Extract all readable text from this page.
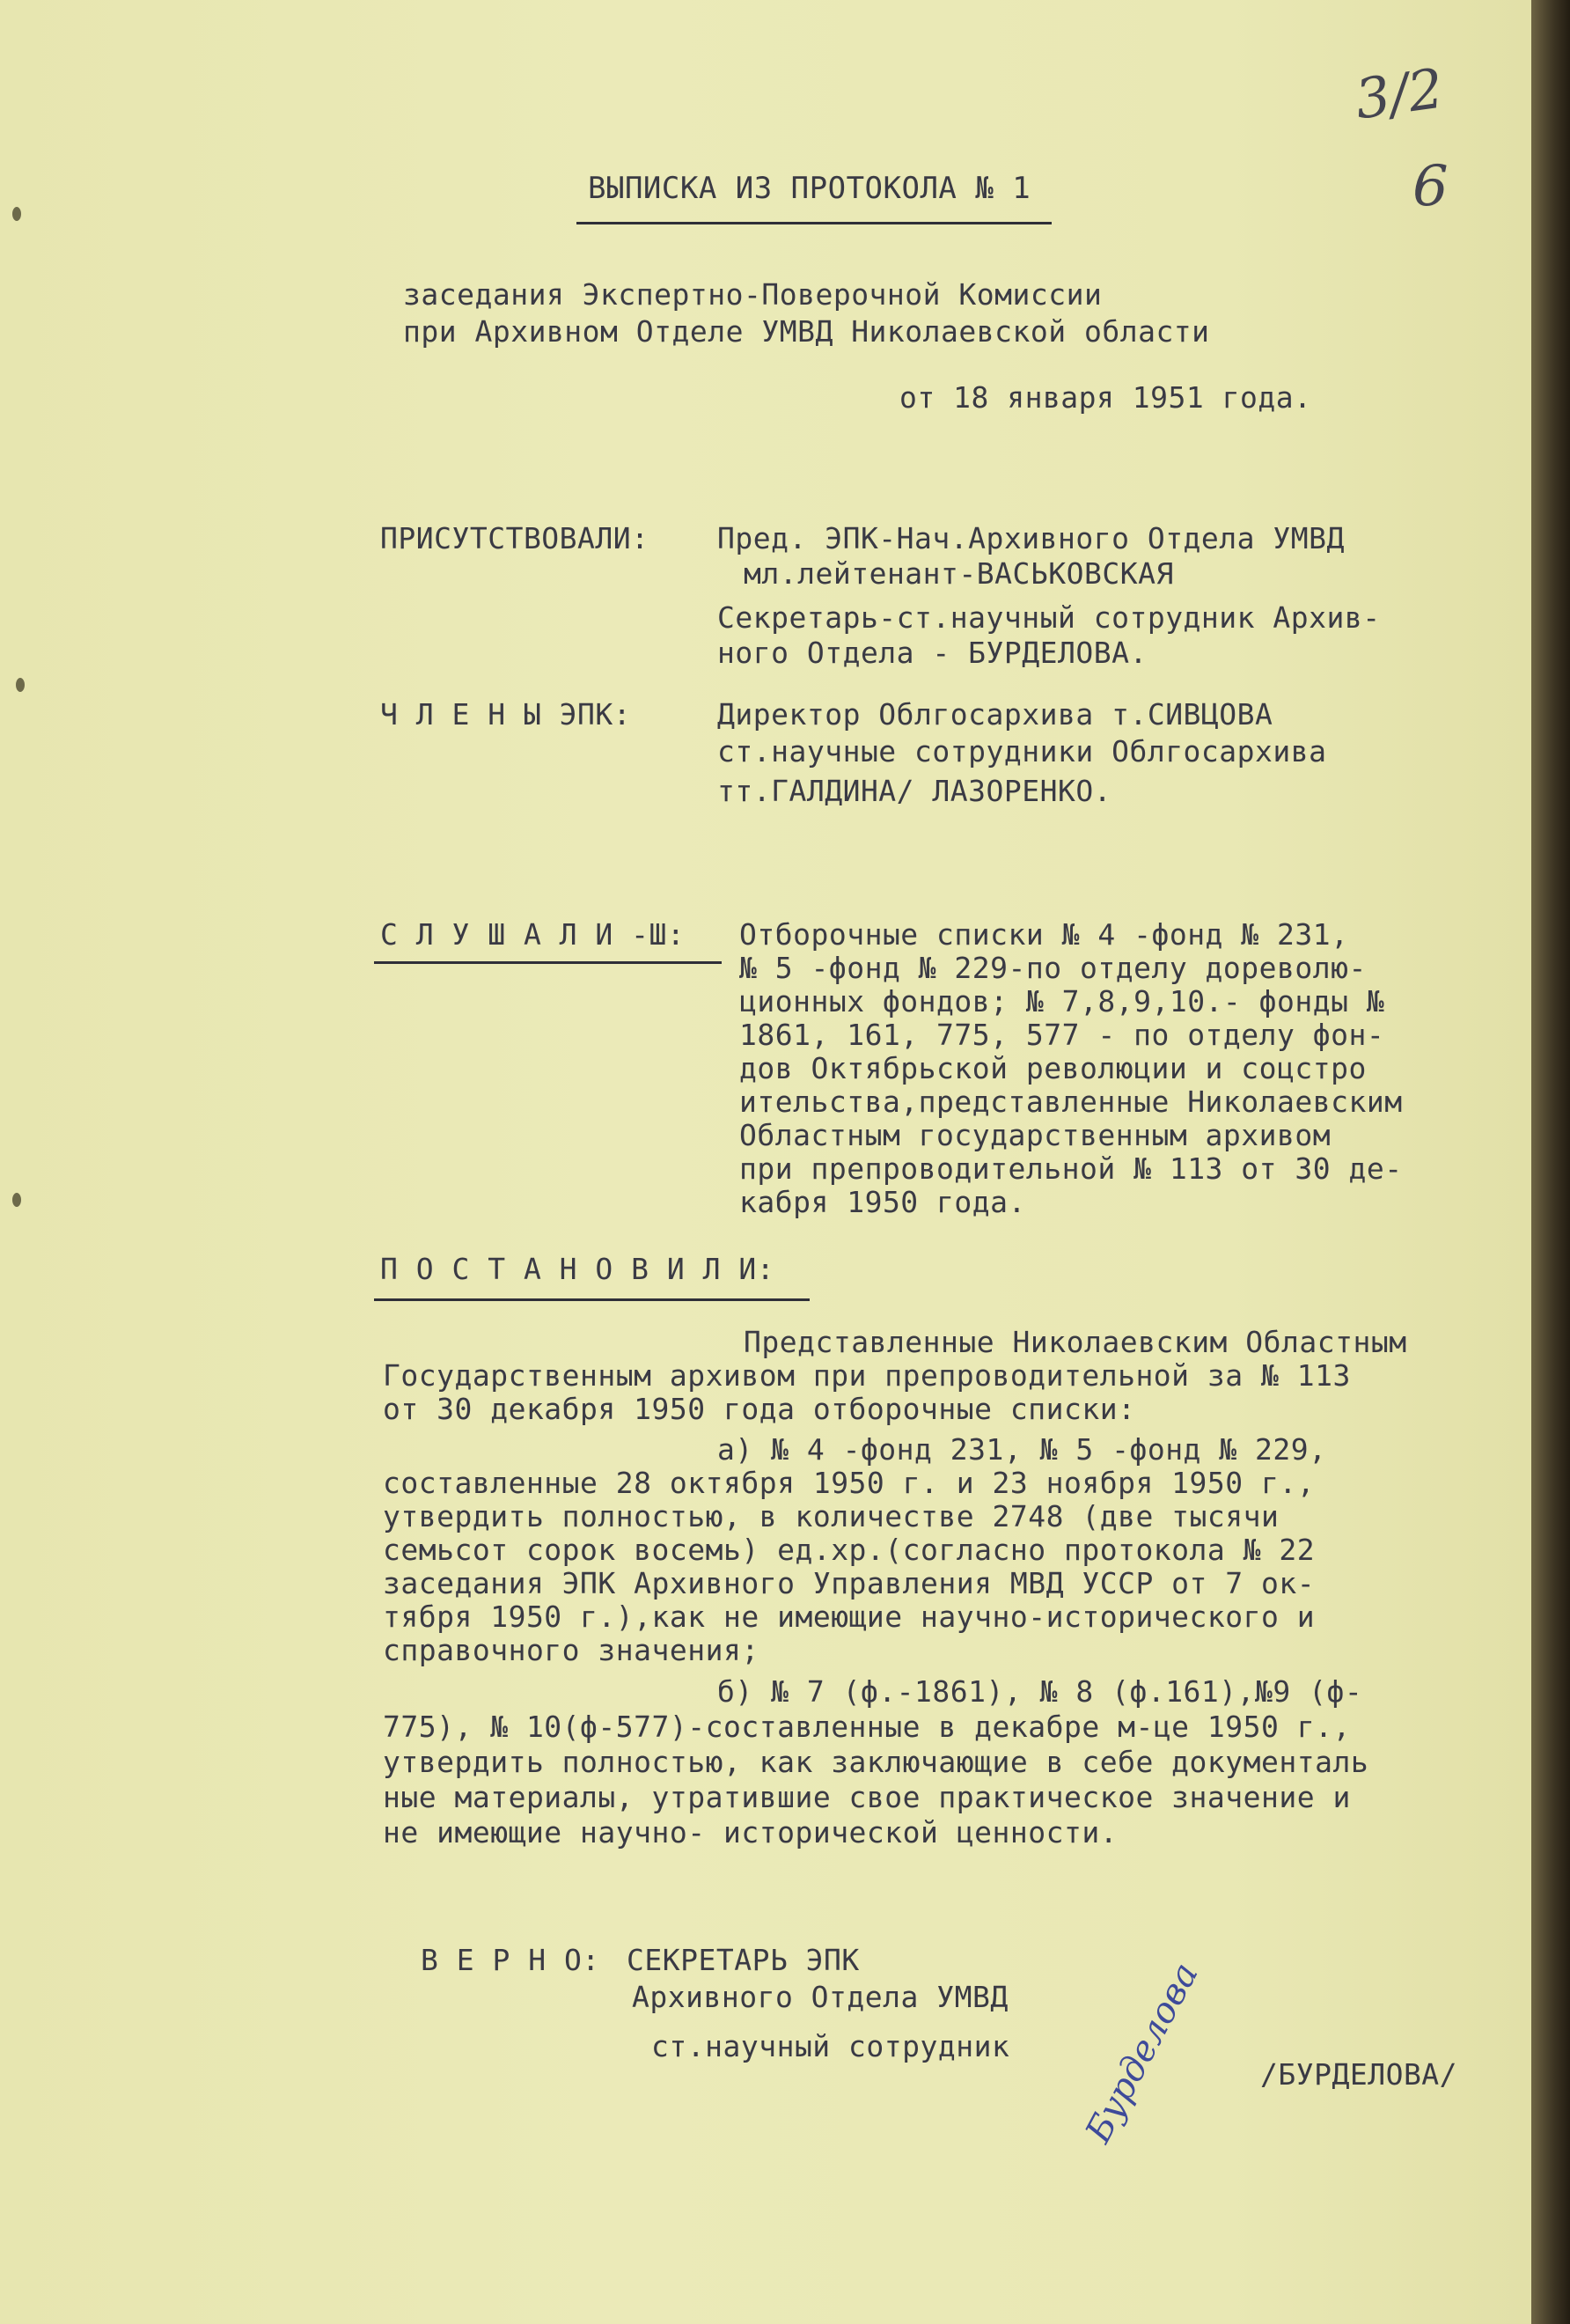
3/2
6
ВЫПИСКА ИЗ ПРОТОКОЛА № 1
заседания Экспертно-Поверочной Комиссии
при Архивном Отделе УМВД Николаевской области
от 18 января 1951 года.
ПРИСУТСТВОВАЛИ: Пред. ЭПК-Нач.Архивного Отдела УМВД
мл.лейтенант-ВАСЬКОВСКАЯ
Секретарь-ст.научный сотрудник Архив-
ного Отдела - БУРДЕЛОВА.
Ч Л Е Н Ы ЭПК:	Директор Облгосархива т.СИВЦОВА
ст.научные сотрудники Облгосархива
тт.ГАЛДИНА/ ЛАЗОРЕНКО.
С Л У Ш А Л И -Ш: Отборочные списки № 4 -фонд № 231,
№ 5 -фонд № 229-по отделу дореволю-
ционных фондов; № 7,8,9,10.- фонды №
1861, 161, 775, 577 - по отделу фон-
дов Октябрьской революции и соцстро
ительства,представленные Николаевским
Областным государственным архивом
при препроводительной № 113 от 30 де-
кабря 1950 года.
П О С Т А Н О В И Л И:
Представленные Николаевским Областным
Государственным архивом при препроводительной за № 113
от 30 декабря 1950 года отборочные списки:
а) № 4 -фонд 231, № 5 -фонд № 229,
составленные 28 октября 1950 г. и 23 ноября 1950 г.,
утвердить полностью, в количестве 2748 (две тысячи
семьсот сорок восемь) ед.хр.(согласно протокола № 22
заседания ЭПК Архивного Управления МВД УССР от 7 ок-
тября 1950 г.),как не имеющие научно-исторического и
справочного значения;
б) № 7 (ф.-1861), № 8 (ф.161),№9 (ф-
775), № 10(ф-577)-составленные в декабре м-це 1950 г.,
утвердить полностью, как заключающие в себе документаль
ные материалы, утратившие свое практическое значение и
не имеющие научно- исторической ценности.
В Е Р Н О: СЕКРЕТАРЬ ЭПК
Архивного Отдела УМВД
ст.научный сотрудник
/БУРДЕЛОВА/
Бурделова
